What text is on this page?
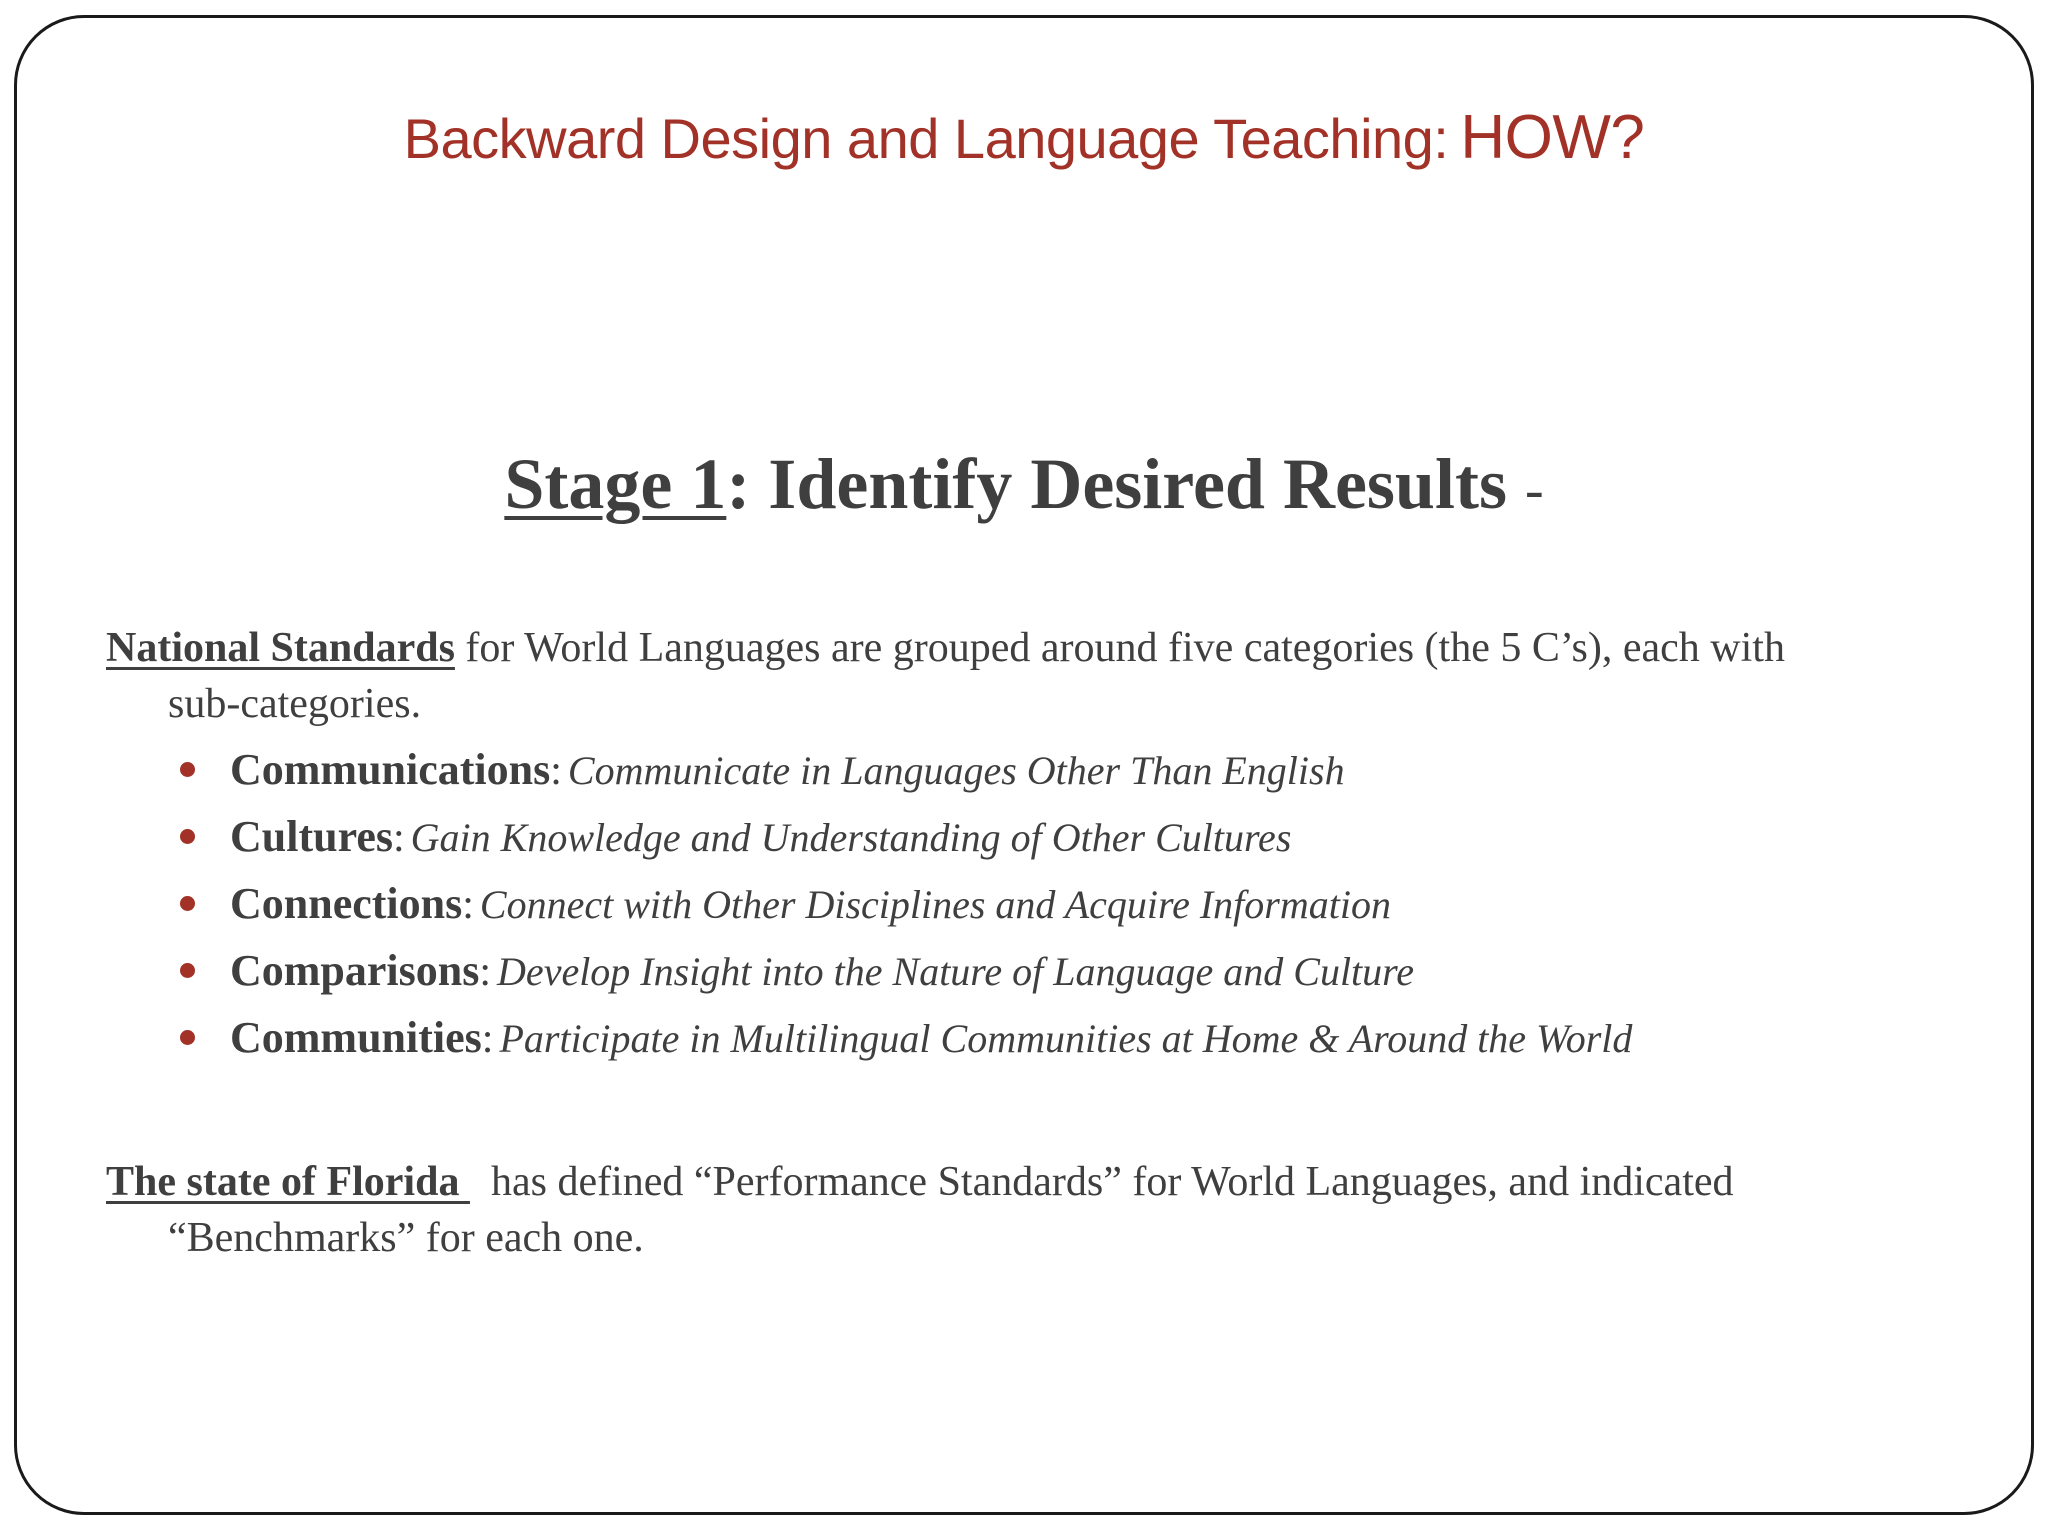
Backward Design and Language Teaching: HOW?
Stage 1: Identify Desired Results -
National Standards for World Languages are grouped around five categories (the 5 C’s), each with
sub-categories.
Communications: Communicate in Languages Other Than English
Cultures: Gain Knowledge and Understanding of Other Cultures
Connections: Connect with Other Disciplines and Acquire Information
Comparisons: Develop Insight into the Nature of Language and Culture
Communities: Participate in Multilingual Communities at Home & Around the World
The state of Florida   has defined “Performance Standards” for World Languages, and indicated
“Benchmarks” for each one.
